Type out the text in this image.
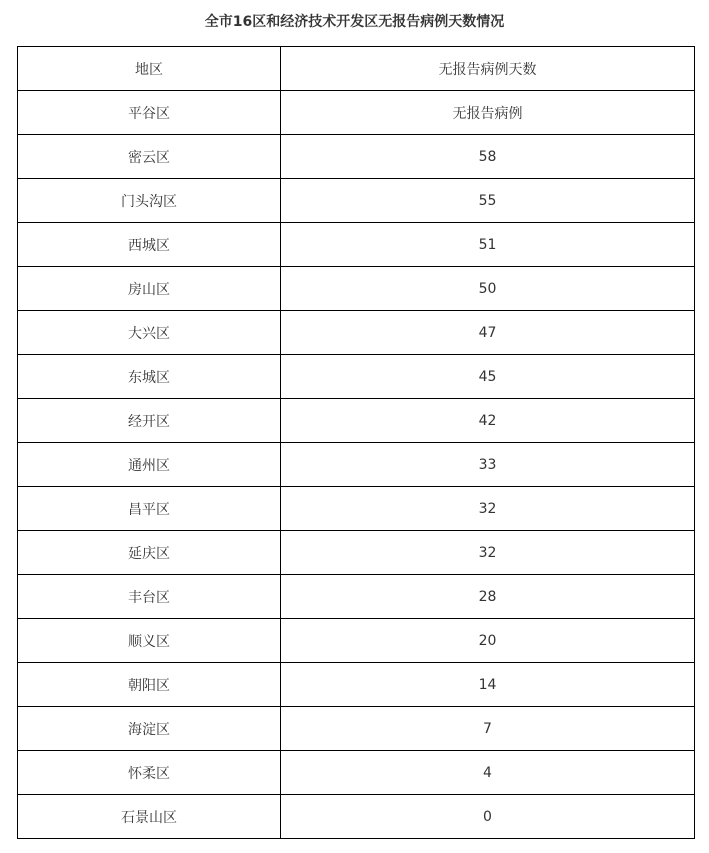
全市16区和经济技术开发区无报告病例天数情况
地区	无报告病例天数
平谷区	无报告病例
密云区	58
门头沟区	55
西城区	51
房山区	50
大兴区	47
东城区	45
经开区	42
通州区	33
昌平区	32
延庆区	32
丰台区	28
顺义区	20
朝阳区	14
海淀区	7
怀柔区	4
石景山区	0
